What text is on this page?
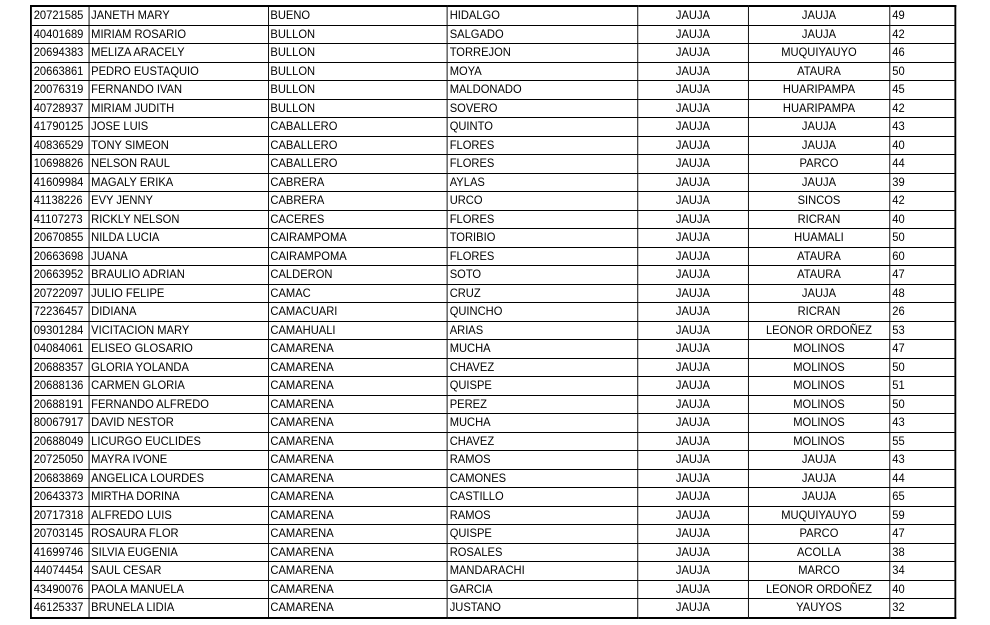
20721585	JANETH MARY	BUENO	HIDALGO	JAUJA	JAUJA	49
40401689	MIRIAM ROSARIO	BULLON	SALGADO	JAUJA	JAUJA	42
20694383	MELIZA ARACELY	BULLON	TORREJON	JAUJA	MUQUIYAUYO	46
20663861	PEDRO EUSTAQUIO	BULLON	MOYA	JAUJA	ATAURA	50
20076319	FERNANDO IVAN	BULLON	MALDONADO	JAUJA	HUARIPAMPA	45
40728937	MIRIAM JUDITH	BULLON	SOVERO	JAUJA	HUARIPAMPA	42
41790125	JOSE LUIS	CABALLERO	QUINTO	JAUJA	JAUJA	43
40836529	TONY SIMEON	CABALLERO	FLORES	JAUJA	JAUJA	40
10698826	NELSON RAUL	CABALLERO	FLORES	JAUJA	PARCO	44
41609984	MAGALY ERIKA	CABRERA	AYLAS	JAUJA	JAUJA	39
41138226	EVY JENNY	CABRERA	URCO	JAUJA	SINCOS	42
41107273	RICKLY NELSON	CACERES	FLORES	JAUJA	RICRAN	40
20670855	NILDA LUCIA	CAIRAMPOMA	TORIBIO	JAUJA	HUAMALI	50
20663698	JUANA	CAIRAMPOMA	FLORES	JAUJA	ATAURA	60
20663952	BRAULIO ADRIAN	CALDERON	SOTO	JAUJA	ATAURA	47
20722097	JULIO FELIPE	CAMAC	CRUZ	JAUJA	JAUJA	48
72236457	DIDIANA	CAMACUARI	QUINCHO	JAUJA	RICRAN	26
09301284	VICITACION MARY	CAMAHUALI	ARIAS	JAUJA	LEONOR ORDOÑEZ	53
04084061	ELISEO GLOSARIO	CAMARENA	MUCHA	JAUJA	MOLINOS	47
20688357	GLORIA YOLANDA	CAMARENA	CHAVEZ	JAUJA	MOLINOS	50
20688136	CARMEN GLORIA	CAMARENA	QUISPE	JAUJA	MOLINOS	51
20688191	FERNANDO ALFREDO	CAMARENA	PEREZ	JAUJA	MOLINOS	50
80067917	DAVID NESTOR	CAMARENA	MUCHA	JAUJA	MOLINOS	43
20688049	LICURGO EUCLIDES	CAMARENA	CHAVEZ	JAUJA	MOLINOS	55
20725050	MAYRA IVONE	CAMARENA	RAMOS	JAUJA	JAUJA	43
20683869	ANGELICA LOURDES	CAMARENA	CAMONES	JAUJA	JAUJA	44
20643373	MIRTHA DORINA	CAMARENA	CASTILLO	JAUJA	JAUJA	65
20717318	ALFREDO LUIS	CAMARENA	RAMOS	JAUJA	MUQUIYAUYO	59
20703145	ROSAURA FLOR	CAMARENA	QUISPE	JAUJA	PARCO	47
41699746	SILVIA EUGENIA	CAMARENA	ROSALES	JAUJA	ACOLLA	38
44074454	SAUL CESAR	CAMARENA	MANDARACHI	JAUJA	MARCO	34
43490076	PAOLA MANUELA	CAMARENA	GARCIA	JAUJA	LEONOR ORDOÑEZ	40
46125337	BRUNELA LIDIA	CAMARENA	JUSTANO	JAUJA	YAUYOS	32
